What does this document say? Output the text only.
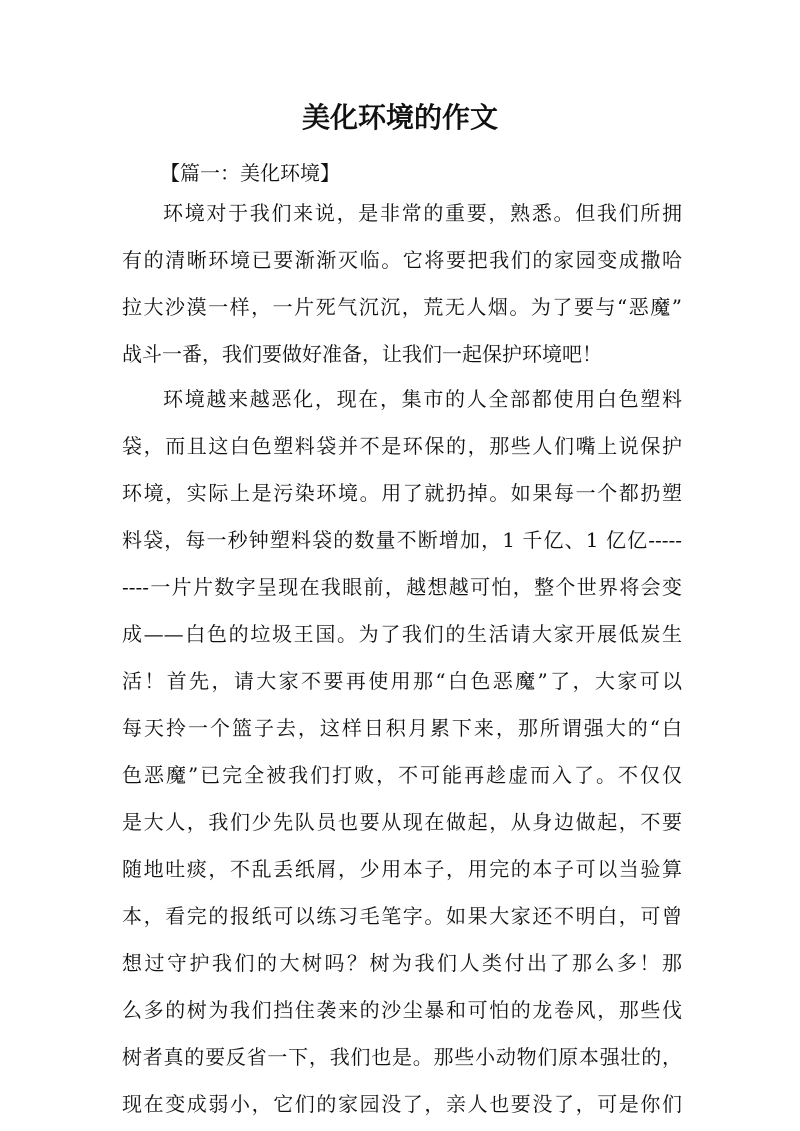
美化环境的作文

【篇一：美化环境】

环境对于我们来说，是非常的重要，熟悉。但我们所拥

有的清晰环境已要渐渐灭临。它将要把我们的家园变成撒哈

拉大沙漠一样，一片死气沉沉，荒无人烟。为了要与“恶魔”

战斗一番，我们要做好准备，让我们一起保护环境吧！

环境越来越恶化，现在，集市的人全部都使用白色塑料

袋，而且这白色塑料袋并不是环保的，那些人们嘴上说保护

环境，实际上是污染环境。用了就扔掉。如果每一个都扔塑

料袋，每一秒钟塑料袋的数量不断增加，1 千亿、1 亿亿-----

----一片片数字呈现在我眼前，越想越可怕，整个世界将会变

成——白色的垃圾王国。为了我们的生活请大家开展低炭生

活！首先，请大家不要再使用那“白色恶魔”了，大家可以

每天拎一个篮子去，这样日积月累下来，那所谓强大的“白

色恶魔”已完全被我们打败，不可能再趁虚而入了。不仅仅

是大人，我们少先队员也要从现在做起，从身边做起，不要

随地吐痰，不乱丢纸屑，少用本子，用完的本子可以当验算

本，看完的报纸可以练习毛笔字。如果大家还不明白，可曾

想过守护我们的大树吗？树为我们人类付出了那么多！那

么多的树为我们挡住袭来的沙尘暴和可怕的龙卷风，那些伐

树者真的要反省一下，我们也是。那些小动物们原本强壮的，

现在变成弱小，它们的家园没了，亲人也要没了，可是你们
